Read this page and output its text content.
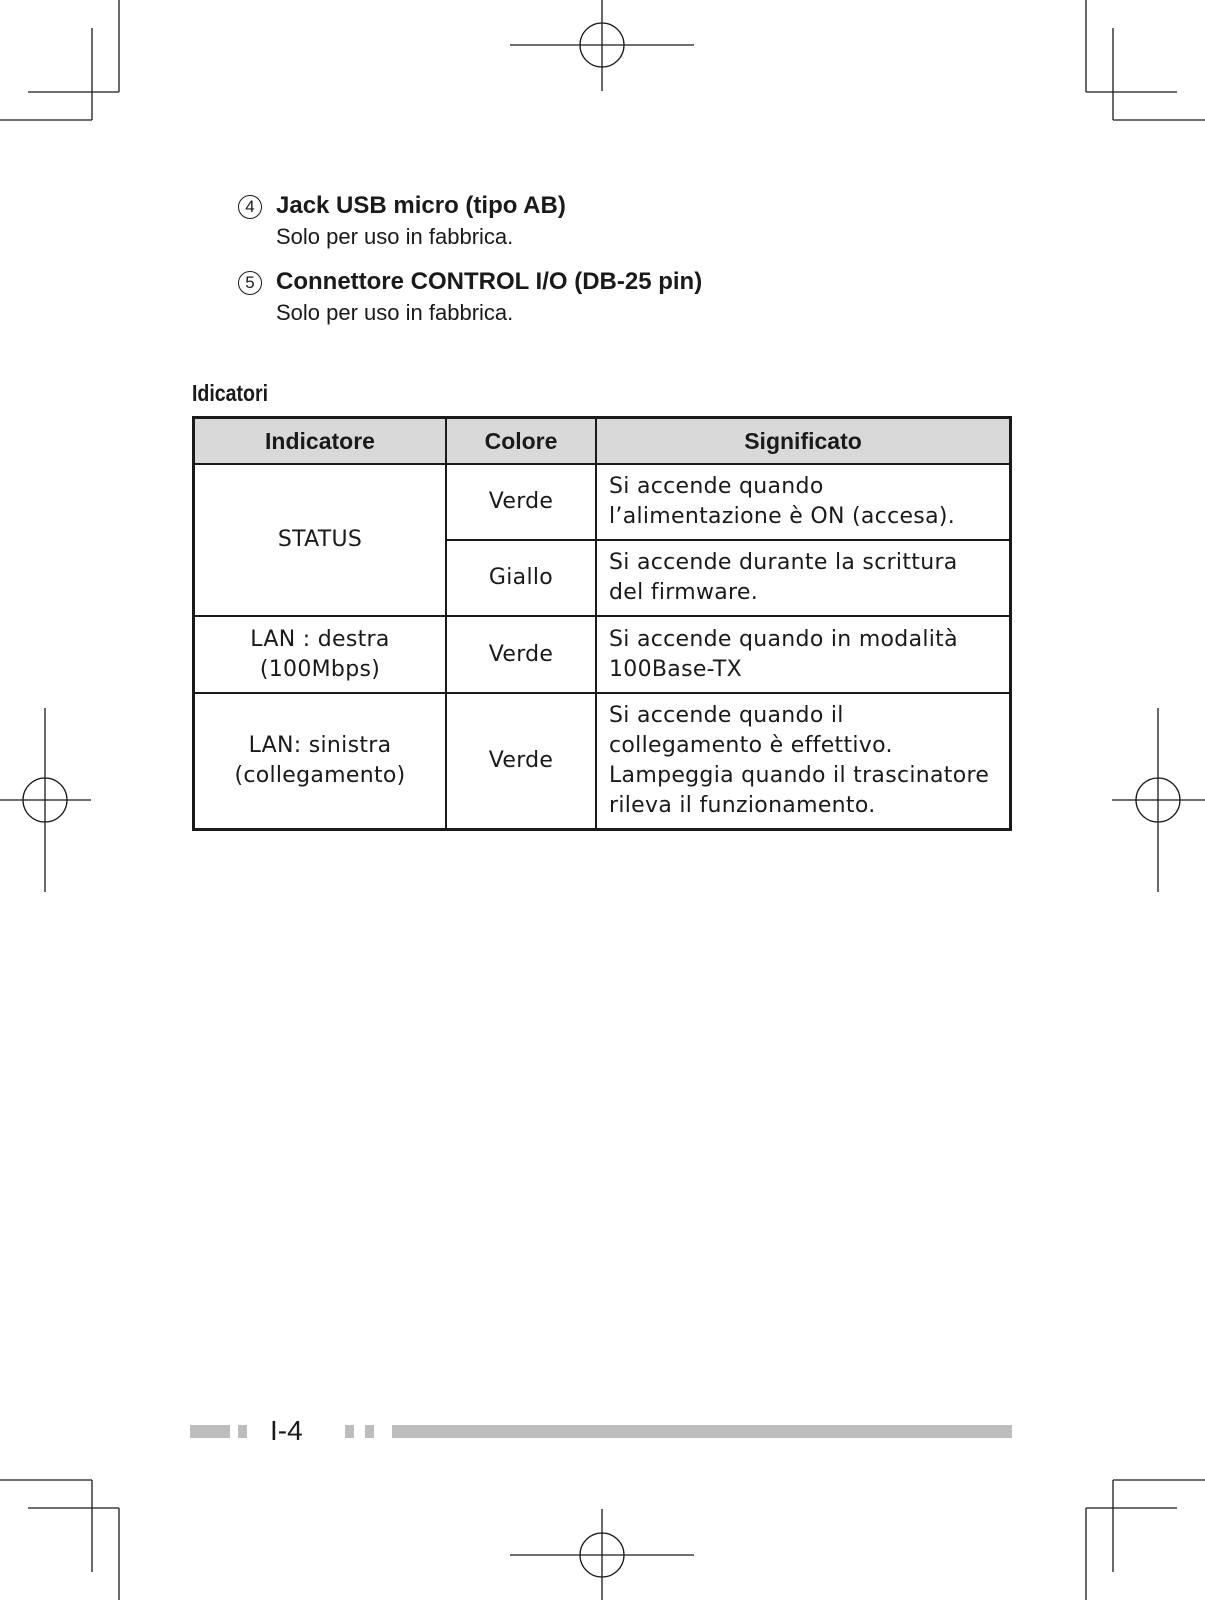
4 Jack USB micro (tipo AB)
Solo per uso in fabbrica.
5 Connettore CONTROL I/O (DB-25 pin)
Solo per uso in fabbrica.
Idicatori
Indicatore	Colore	Significato
STATUS	Verde	Si accende quando l’alimentazione è ON (accesa).
	Giallo	Si accende durante la scrittura del firmware.
LAN : destra (100Mbps)	Verde	Si accende quando in modalità 100Base-TX
LAN: sinistra (collegamento)	Verde	Si accende quando il collegamento è effettivo.
Lampeggia quando il trascinatore rileva il funzionamento.
I-4
